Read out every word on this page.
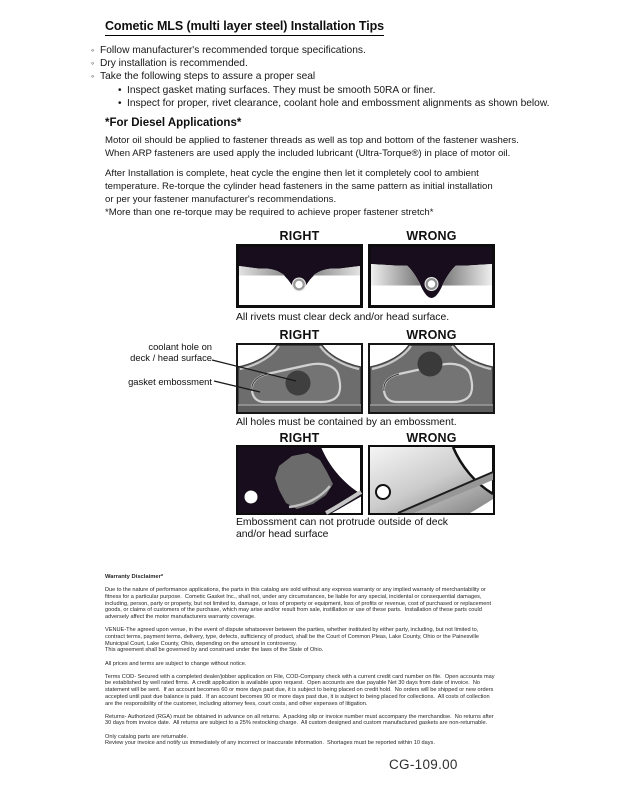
Cometic MLS (multi layer steel) Installation Tips
◦ Follow manufacturer's recommended torque specifications.
◦ Dry installation is recommended.
◦ Take the following steps to assure a proper seal
• Inspect gasket mating surfaces. They must be smooth 50RA or finer.
• Inspect for proper, rivet clearance, coolant hole and embossment alignments as shown below.
*For Diesel Applications*

Motor oil should be applied to fastener threads as well as top and bottom of the fastener washers.
When ARP fasteners are used apply the included lubricant (Ultra-Torque®) in place of motor oil.

After Installation is complete, heat cycle the engine then let it completely cool to ambient
temperature. Re-torque the cylinder head fasteners in the same pattern as initial installation
or per your fastener manufacturer's recommendations.

*More than one re-torque may be required to achieve proper fastener stretch*

RIGHT	WRONG
All rivets must clear deck and/or head surface.
RIGHT	WRONG
coolant hole on
deck / head surface
gasket embossment
All holes must be contained by an embossment.
RIGHT	WRONG
Embossment can not protrude outside of deck
and/or head surface
Warranty Disclaimer*

Due to the nature of performance applications, the parts in this catalog are sold without any express warranty or any implied warranty of merchantability or
fitness for a particular purpose.  Cometic Gasket Inc., shall not, under any circumstances, be liable for any special, incidental or consequential damages,
including, person, party or property, but not limited to, damage, or loss of property or equipment, loss of profits or revenue, cost of purchased or replacement
goods, or claims of customers of the purchase, which may arise and/or result from sale, instillation or use of these parts.  Installation of these parts could
adversely affect the motor manufacturers warranty coverage.

VENUE-The agreed upon venue, in the event of dispute whatsoever between the parties, whether instituted by either party, including, but not limited to,
contract terms, payment terms, delivery, type, defects, sufficiency of product, shall be the Court of Common Pleas, Lake County, Ohio or the Painesville
Municipal Court, Lake County, Ohio, depending on the amount in controversy.
This agreement shall be governed by and construed under the laws of the State of Ohio.

All prices and terms are subject to change without notice.

Terms COD- Secured with a completed dealer/jobber application on File, COD-Company check with a current credit card number on file.  Open accounts may
be established by well rated firms.  A credit application is available upon request.  Open accounts are due payable Net 30 days from date of invoice.  No
statement will be sent.  If an account becomes 60 or more days past due, it is subject to being placed on credit hold.  No orders will be shipped or new orders
accepted until past due balance is paid.  If an account becomes 90 or more days past due, it is subject to being placed for collections.  All costs of collection
are the responsibility of the customer, including attorney fees, court costs, and other expenses of litigation.

Returns- Authorized (RGA) must be obtained in advance on all returns.  A packing slip or invoice number must accompany the merchandise.  No returns after
30 days from invoice date.  All returns are subject to a 25% restocking charge.  All custom designed and custom manufactured gaskets are non-returnable.

Only catalog parts are returnable.
Review your invoice and notify us immediately of any incorrect or inaccurate information.  Shortages must be reported within 10 days.

CG-109.00
